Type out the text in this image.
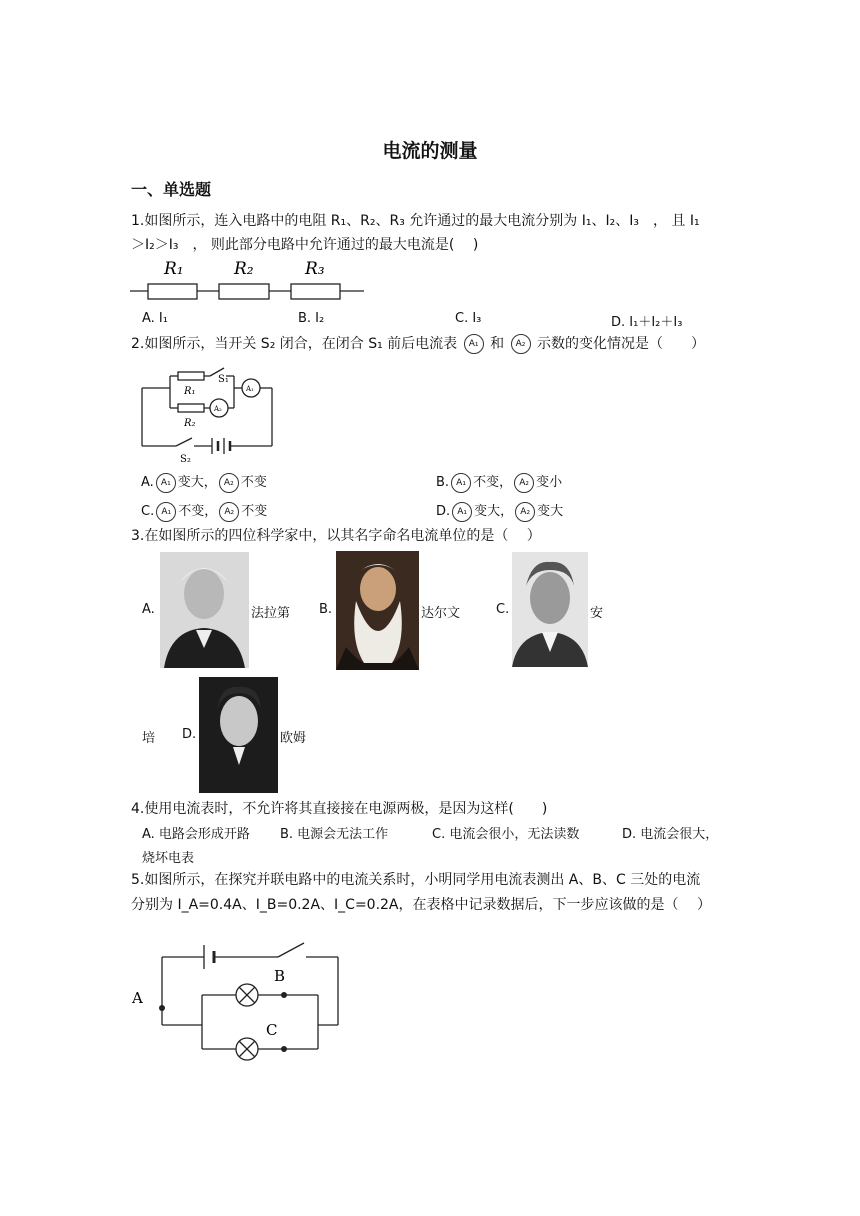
电流的测量
一、单选题
1.如图所示，连入电路中的电阻 R₁、R₂、R₃ 允许通过的最大电流分别为 I₁、I₂、I₃　， 且 I₁
＞I₂＞I₃　， 则此部分电路中允许通过的最大电流是(　 )
R₁	R₂	R₃
A. I₁	B. I₂	C. I₃	D. I₁＋I₂＋I₃
2.如图所示，当开关 S₂ 闭合，在闭合 S₁ 前后电流表 A₁ 和 A₂ 示数的变化情况是（　　）
R₁
R₂
S₁
S₂
A₂
A₁
A. A₁ 变大， A₂ 不变	B. A₁ 不变， A₂ 变小
C. A₁ 不变， A₂ 不变	D. A₁ 变大， A₂ 变大
3.在如图所示的四位科学家中，以其名字命名电流单位的是（　 ）
A.	法拉第 B.	达尔文	C.	安
培 D.	欧姆
4.使用电流表时，不允许将其直接接在电源两极，是因为这样(　　)
A. 电路会形成开路 B. 电源会无法工作	C. 电流会很小，无法读数	D. 电流会很大，
烧坏电表
5.如图所示，在探究并联电路中的电流关系时，小明同学用电流表测出 A、B、C 三处的电流
分别为 I_A=0.4A、I_B=0.2A、I_C=0.2A，在表格中记录数据后，下一步应该做的是（　 ）
A
B
C
